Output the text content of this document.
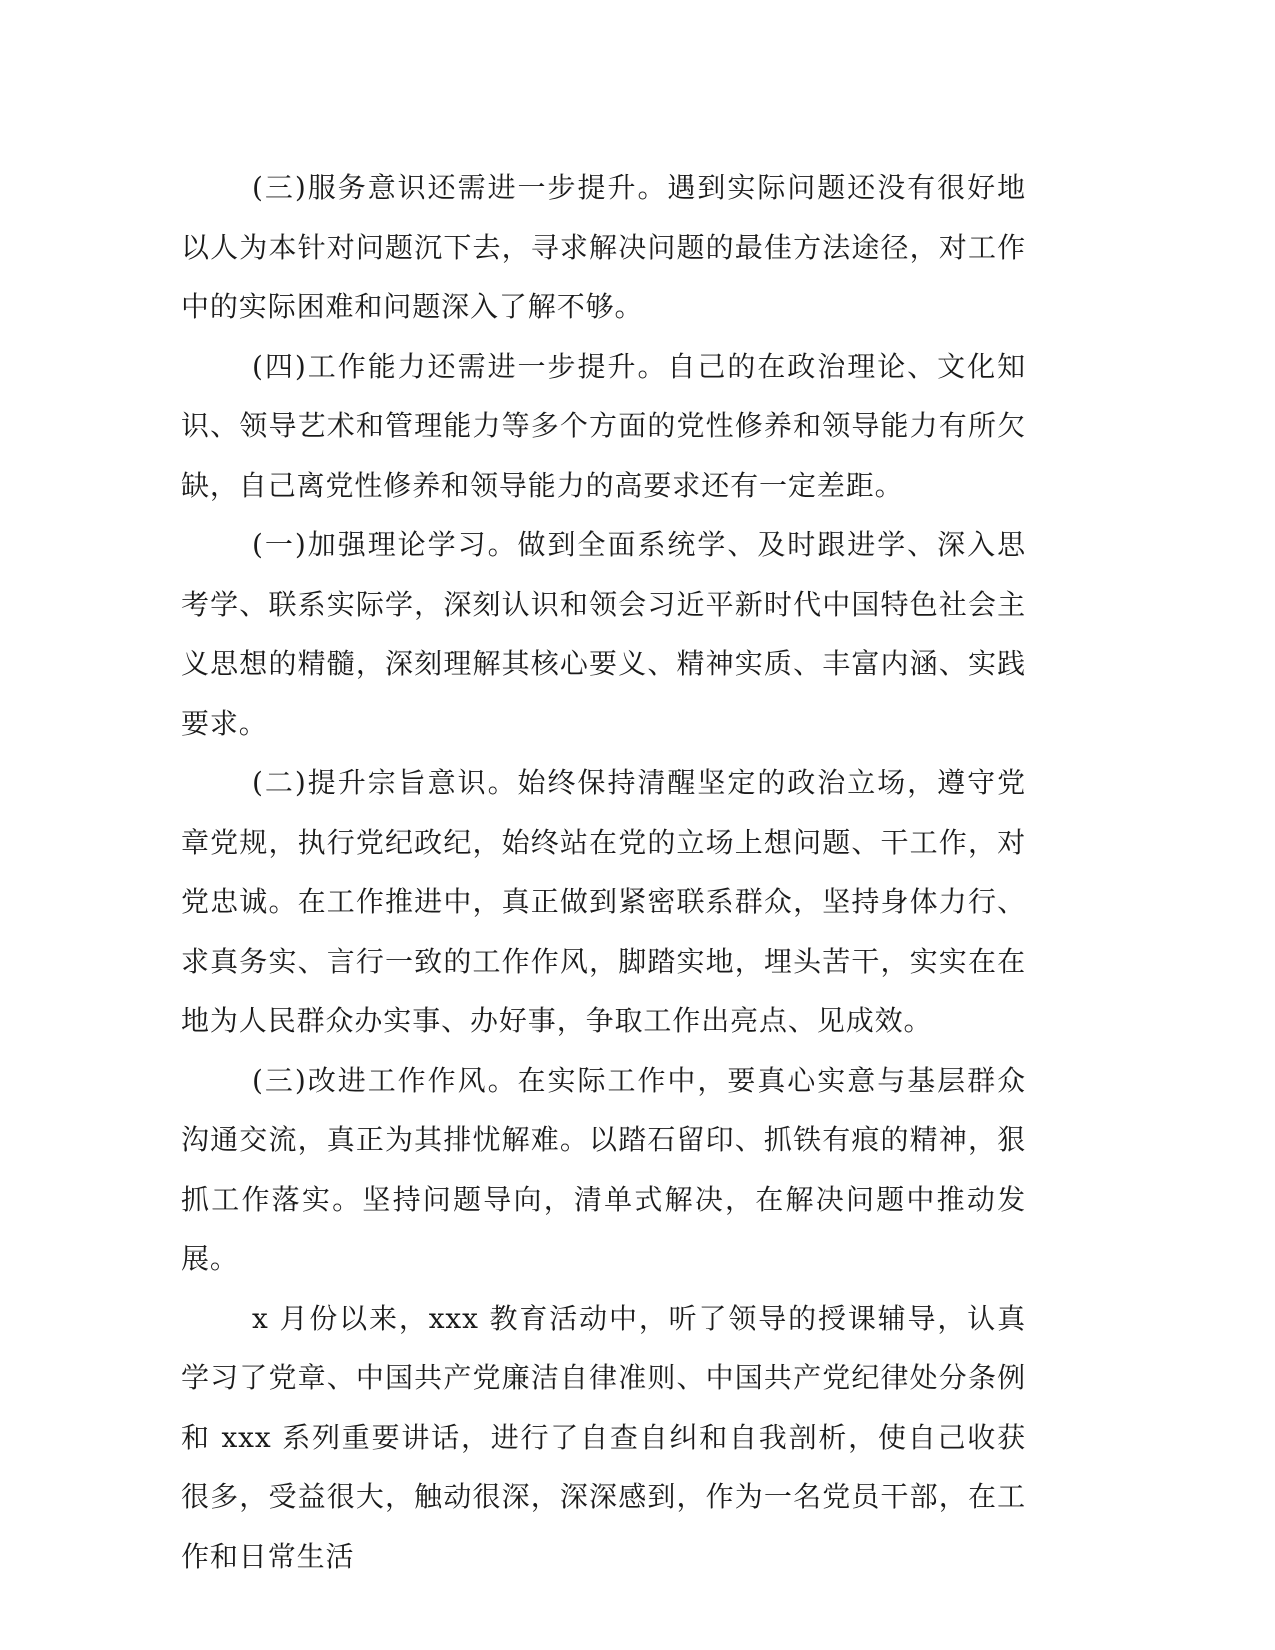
(三)服务意识还需进一步提升。遇到实际问题还没有很好地以人为本针对问题沉下去，寻求解决问题的最佳方法途径，对工作中的实际困难和问题深入了解不够。

(四)工作能力还需进一步提升。自己的在政治理论、文化知识、领导艺术和管理能力等多个方面的党性修养和领导能力有所欠缺，自己离党性修养和领导能力的高要求还有一定差距。

(一)加强理论学习。做到全面系统学、及时跟进学、深入思考学、联系实际学，深刻认识和领会习近平新时代中国特色社会主义思想的精髓，深刻理解其核心要义、精神实质、丰富内涵、实践要求。

(二)提升宗旨意识。始终保持清醒坚定的政治立场，遵守党章党规，执行党纪政纪，始终站在党的立场上想问题、干工作，对党忠诚。在工作推进中，真正做到紧密联系群众，坚持身体力行、求真务实、言行一致的工作作风，脚踏实地，埋头苦干，实实在在地为人民群众办实事、办好事，争取工作出亮点、见成效。

(三)改进工作作风。在实际工作中，要真心实意与基层群众沟通交流，真正为其排忧解难。以踏石留印、抓铁有痕的精神，狠抓工作落实。坚持问题导向，清单式解决，在解决问题中推动发展。

x 月份以来，xxx 教育活动中，听了领导的授课辅导，认真学习了党章、中国共产党廉洁自律准则、中国共产党纪律处分条例和 xxx 系列重要讲话，进行了自查自纠和自我剖析，使自己收获很多，受益很大，触动很深，深深感到，作为一名党员干部，在工作和日常生活
